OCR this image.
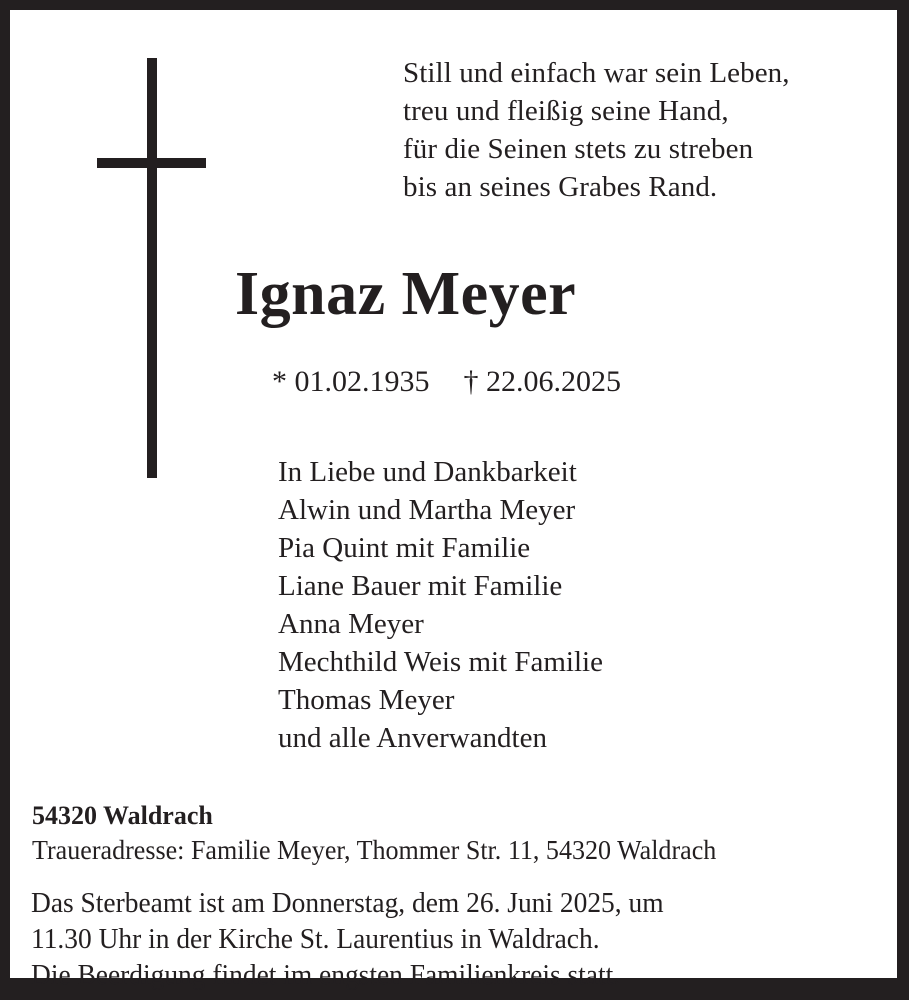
Still und einfach war sein Leben,
treu und fleißig seine Hand,
für die Seinen stets zu streben
bis an seines Grabes Rand.
Ignaz Meyer
* 01.02.1935 † 22.06.2025
In Liebe und Dankbarkeit
Alwin und Martha Meyer
Pia Quint mit Familie
Liane Bauer mit Familie
Anna Meyer
Mechthild Weis mit Familie
Thomas Meyer
und alle Anverwandten
54320 Waldrach
Traueradresse: Familie Meyer, Thommer Str. 11, 54320 Waldrach
Das Sterbeamt ist am Donnerstag, dem 26. Juni 2025, um
11.30 Uhr in der Kirche St. Laurentius in Waldrach.
Die Beerdigung findet im engsten Familienkreis statt.
